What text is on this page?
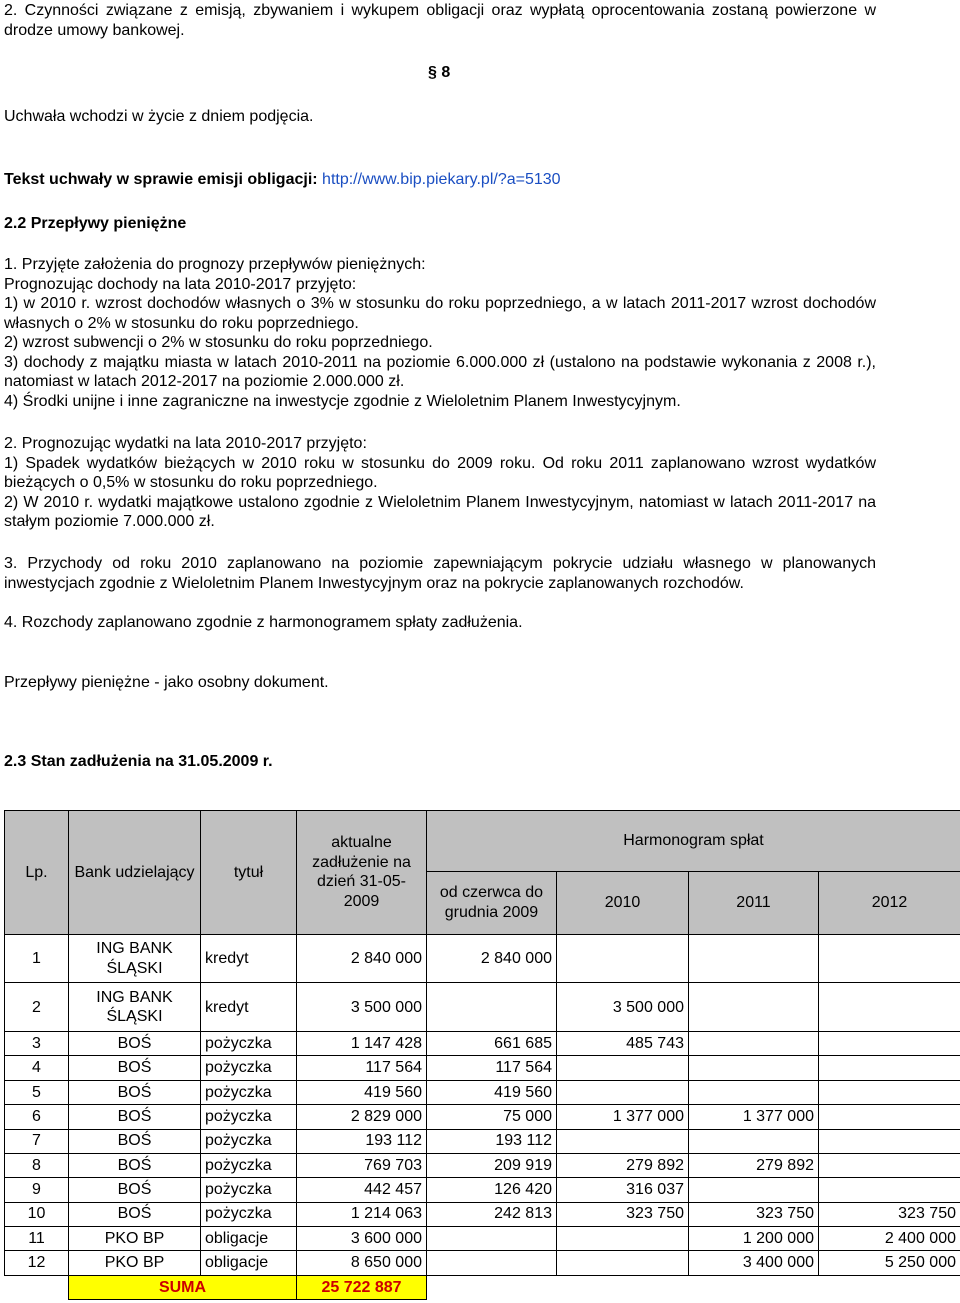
2. Czynności związane z emisją, zbywaniem i wykupem obligacji oraz wypłatą oprocentowania zostaną powierzone w drodze umowy bankowej.

§ 8

Uchwała wchodzi w życie z dniem podjęcia.

Tekst uchwały w sprawie emisji obligacji: http://www.bip.piekary.pl/?a=5130

2.2 Przepływy pieniężne

1. Przyjęte założenia do prognozy przepływów pieniężnych:

Prognozując dochody na lata 2010-2017 przyjęto:

1) w 2010 r. wzrost dochodów własnych o 3% w stosunku do roku poprzedniego, a w latach 2011-2017 wzrost dochodów własnych o 2% w stosunku do roku poprzedniego.

2) wzrost subwencji o 2% w stosunku do roku poprzedniego.

3) dochody z majątku miasta w latach 2010-2011 na poziomie 6.000.000 zł (ustalono na podstawie wykonania z 2008 r.), natomiast w latach 2012-2017 na poziomie 2.000.000 zł.

4) Środki unijne i inne zagraniczne na inwestycje zgodnie z Wieloletnim Planem Inwestycyjnym.

2. Prognozując wydatki na lata 2010-2017 przyjęto:

1) Spadek wydatków bieżących w 2010 roku w stosunku do 2009 roku. Od roku 2011 zaplanowano wzrost wydatków bieżących o 0,5% w stosunku do roku poprzedniego.

2) W 2010 r. wydatki majątkowe ustalono zgodnie z Wieloletnim Planem Inwestycyjnym, natomiast w latach 2011-2017 na stałym poziomie 7.000.000 zł.

3. Przychody od roku 2010 zaplanowano na poziomie zapewniającym pokrycie udziału własnego w planowanych inwestycjach zgodnie z Wieloletnim Planem Inwestycyjnym oraz na pokrycie zaplanowanych rozchodów.

4. Rozchody zaplanowano zgodnie z harmonogramem spłaty zadłużenia.

Przepływy pieniężne - jako osobny dokument.

2.3 Stan zadłużenia na 31.05.2009 r.

Lp.	Bank udzielający	tytuł	aktualne zadłużenie na dzień 31-05-2009	Harmonogram spłat			
				od czerwca do grudnia 2009	2010	2011	2012
1	ING BANK ŚLĄSKI	kredyt	2 840 000	2 840 000			
2	ING BANK ŚLĄSKI	kredyt	3 500 000		3 500 000		
3	BOŚ	pożyczka	1 147 428	661 685	485 743		
4	BOŚ	pożyczka	117 564	117 564			
5	BOŚ	pożyczka	419 560	419 560			
6	BOŚ	pożyczka	2 829 000	75 000	1 377 000	1 377 000	
7	BOŚ	pożyczka	193 112	193 112			
8	BOŚ	pożyczka	769 703	209 919	279 892	279 892	
9	BOŚ	pożyczka	442 457	126 420	316 037		
10	BOŚ	pożyczka	1 214 063	242 813	323 750	323 750	323 750
11	PKO BP	obligacje	3 600 000			1 200 000	2 400 000
12	PKO BP	obligacje	8 650 000			3 400 000	5 250 000
	SUMA		25 722 887				
